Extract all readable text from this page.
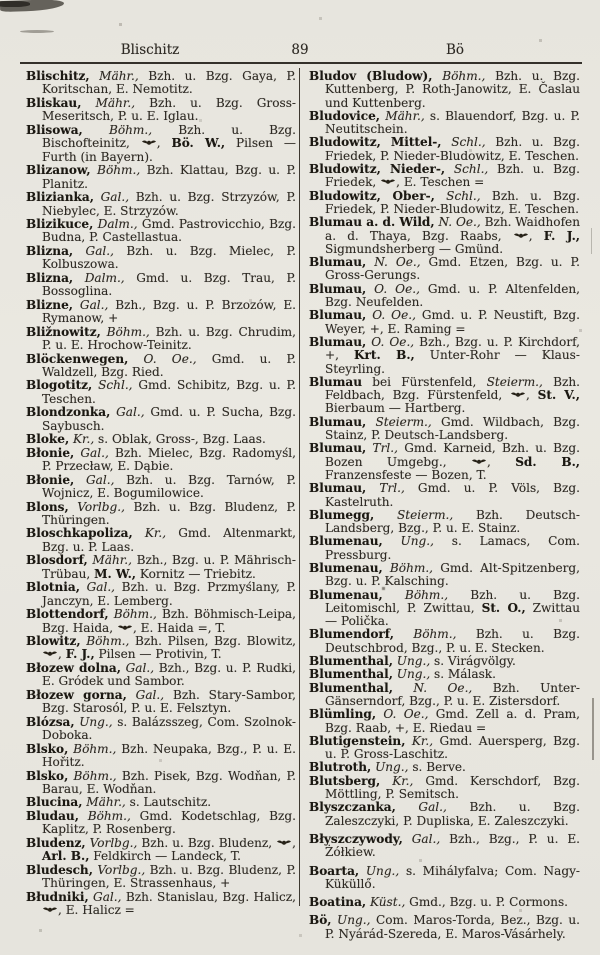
Blischitz	89	Bö
Blischitz, Mähr., Bzh. u. Bzg. Gaya, P. Koritschan, E. Nemotitz.
Bliskau, Mähr., Bzh. u. Bzg. Gross-Meseritsch, P. u. E. Iglau.
Blisowa, Böhm., Bzh. u. Bzg. Bischofteinitz,
, Bö. W., Pilsen — Furth (in Bayern).
Blizanow, Böhm., Bzh. Klattau, Bzg. u. P. Planitz.
Blizianka, Gal., Bzh. u. Bzg. Strzyzów, P. Niebylec, E. Strzyzów.
Blizikuce, Dalm., Gmd. Pastrovicchio, Bzg. Budna, P. Castellastua.
Blizna, Gal., Bzh. u. Bzg. Mielec, P. Kolbuszowa.
Blizna, Dalm., Gmd. u. Bzg. Trau, P. Bossoglina.
Blizne, Gal., Bzh., Bzg. u. P. Brzozów, E. Rymanow, +
Bližnowitz, Böhm., Bzh. u. Bzg. Chrudim, P. u. E. Hrochow-Teinitz.
Blöckenwegen, O. Oe., Gmd. u. P. Waldzell, Bzg. Ried.
Blogotitz, Schl., Gmd. Schibitz, Bzg. u. P. Teschen.
Blondzonka, Gal., Gmd. u. P. Sucha, Bzg. Saybusch.
Bloke, Kr., s. Oblak, Gross-, Bzg. Laas.
Błonie, Gal., Bzh. Mielec, Bzg. Radomyśl, P. Przecław, E. Dąbie.
Błonie, Gal., Bzh. u. Bzg. Tarnów, P. Wojnicz, E. Bogumilowice.
Blons, Vorlbg., Bzh. u. Bzg. Bludenz, P. Thüringen.
Bloschkapoliza, Kr., Gmd. Altenmarkt, Bzg. u. P. Laas.
Blosdorf, Mähr., Bzh., Bzg. u. P. Mährisch-Trübau, M. W., Kornitz — Triebitz.
Blotnia, Gal., Bzh. u. Bzg. Przmyślany, P. Janczyn, E. Lemberg.
Blottendorf, Böhm., Bzh. Böhmisch-Leipa, Bzg. Haida,
, E. Haida =, T.
Blowitz, Böhm., Bzh. Pilsen, Bzg. Blowitz,
, F. J., Pilsen — Protivin, T.
Błozew dolna, Gal., Bzh., Bzg. u. P. Rudki, E. Gródek und Sambor.
Błozew gorna, Gal., Bzh. Stary-Sambor, Bzg. Starosól, P. u. E. Felsztyn.
Blózsa, Ung., s. Balázsszeg, Com. Szolnok-Doboka.
Blsko, Böhm., Bzh. Neupaka, Bzg., P. u. E. Hořitz.
Blsko, Böhm., Bzh. Pisek, Bzg. Wodňan, P. Barau, E. Wodňan.
Blucina, Mähr., s. Lautschitz.
Bludau, Böhm., Gmd. Kodetschlag, Bzg. Kaplitz, P. Rosenberg.
Bludenz, Vorlbg., Bzh. u. Bzg. Bludenz,
, Arl. B., Feldkirch — Landeck, T.
Bludesch, Vorlbg., Bzh. u. Bzg. Bludenz, P. Thüringen, E. Strassenhaus, +
Błudniki, Gal., Bzh. Stanislau, Bzg. Halicz,
, E. Halicz =
Bludov (Bludow), Böhm., Bzh. u. Bzg. Kuttenberg, P. Roth-Janowitz, E. Časlau und Kuttenberg.
Bludovice, Mähr., s. Blauendorf, Bzg. u. P. Neutitschein.
Bludowitz, Mittel-, Schl., Bzh. u. Bzg. Friedek, P. Nieder-Bludowitz, E. Teschen.
Bludowitz, Nieder-, Schl., Bzh. u. Bzg. Friedek,
, E. Teschen =
Bludowitz, Ober-, Schl., Bzh. u. Bzg. Friedek, P. Nieder-Bludowitz, E. Teschen.
Blumau a. d. Wild, N. Oe., Bzh. Waidhofen a. d. Thaya, Bzg. Raabs,
, F. J., Sigmundsherberg — Gmünd.
Blumau, N. Oe., Gmd. Etzen, Bzg. u. P. Gross-Gerungs.
Blumau, O. Oe., Gmd. u. P. Altenfelden, Bzg. Neufelden.
Blumau, O. Oe., Gmd. u. P. Neustift, Bzg. Weyer, +, E. Raming =
Blumau, O. Oe., Bzh., Bzg. u. P. Kirchdorf, +, Krt. B., Unter-Rohr — Klaus-Steyrling.
Blumau bei Fürstenfeld, Steierm., Bzh. Feldbach, Bzg. Fürstenfeld,
, St. V., Bierbaum — Hartberg.
Blumau, Steierm., Gmd. Wildbach, Bzg. Stainz, P. Deutsch-Landsberg.
Blumau, Trl., Gmd. Karneid, Bzh. u. Bzg. Bozen Umgebg.,
, Sd. B., Franzensfeste — Bozen, T.
Blumau, Trl., Gmd. u. P. Völs, Bzg. Kastelruth.
Blumegg, Steierm., Bzh. Deutsch-Landsberg, Bzg., P. u. E. Stainz.
Blumenau, Ung., s. Lamacs, Com. Pressburg.
Blumenau, Böhm., Gmd. Alt-Spitzenberg, Bzg. u. P. Kalsching.
Blumenau, Böhm., Bzh. u. Bzg. Leitomischl, P. Zwittau, St. O., Zwittau — Polička.
Blumendorf, Böhm., Bzh. u. Bzg. Deutschbrod, Bzg., P. u. E. Stecken.
Blumenthal, Ung., s. Virágvölgy.
Blumenthal, Ung., s. Málask.
Blumenthal, N. Oe., Bzh. Unter-Gänserndorf, Bzg., P. u. E. Zistersdorf.
Blümling, O. Oe., Gmd. Zell a. d. Pram, Bzg. Raab, +, E. Riedau =
Blutigenstein, Kr., Gmd. Auersperg, Bzg. u. P. Gross-Laschitz.
Blutroth, Ung., s. Berve.
Blutsberg, Kr., Gmd. Kerschdorf, Bzg. Möttling, P. Semitsch.
Blyszczanka, Gal., Bzh. u. Bzg. Zaleszczyki, P. Dupliska, E. Zaleszczyki.
Błyszczywody, Gal., Bzh., Bzg., P. u. E. Żółkiew.
Boarta, Ung., s. Mihályfalva; Com. Nagy-Küküllő.
Boatina, Küst., Gmd., Bzg. u. P. Cormons.
Bö, Ung., Com. Maros-Torda, Bez., Bzg. u. P. Nyárád-Szereda, E. Maros-Vásárhely.
